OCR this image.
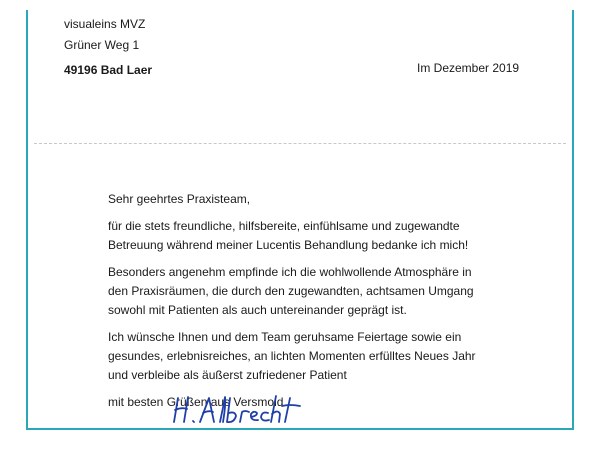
visualeins MVZ
Grüner Weg 1
49196 Bad Laer	Im Dezember 2019

Sehr geehrtes Praxisteam,

für die stets freundliche, hilfsbereite, einfühlsame und zugewandte
Betreuung während meiner Lucentis Behandlung bedanke ich mich!

Besonders angenehm empfinde ich die wohlwollende Atmosphäre in
den Praxisräumen, die durch den zugewandten, achtsamen Umgang
sowohl mit Patienten als auch untereinander geprägt ist.

Ich wünsche Ihnen und dem Team geruhsame Feiertage sowie ein
gesundes, erlebnisreiches, an lichten Momenten erfülltes Neues Jahr
und verbleibe als äußerst zufriedener Patient

mit besten Grüßen aus Versmold
